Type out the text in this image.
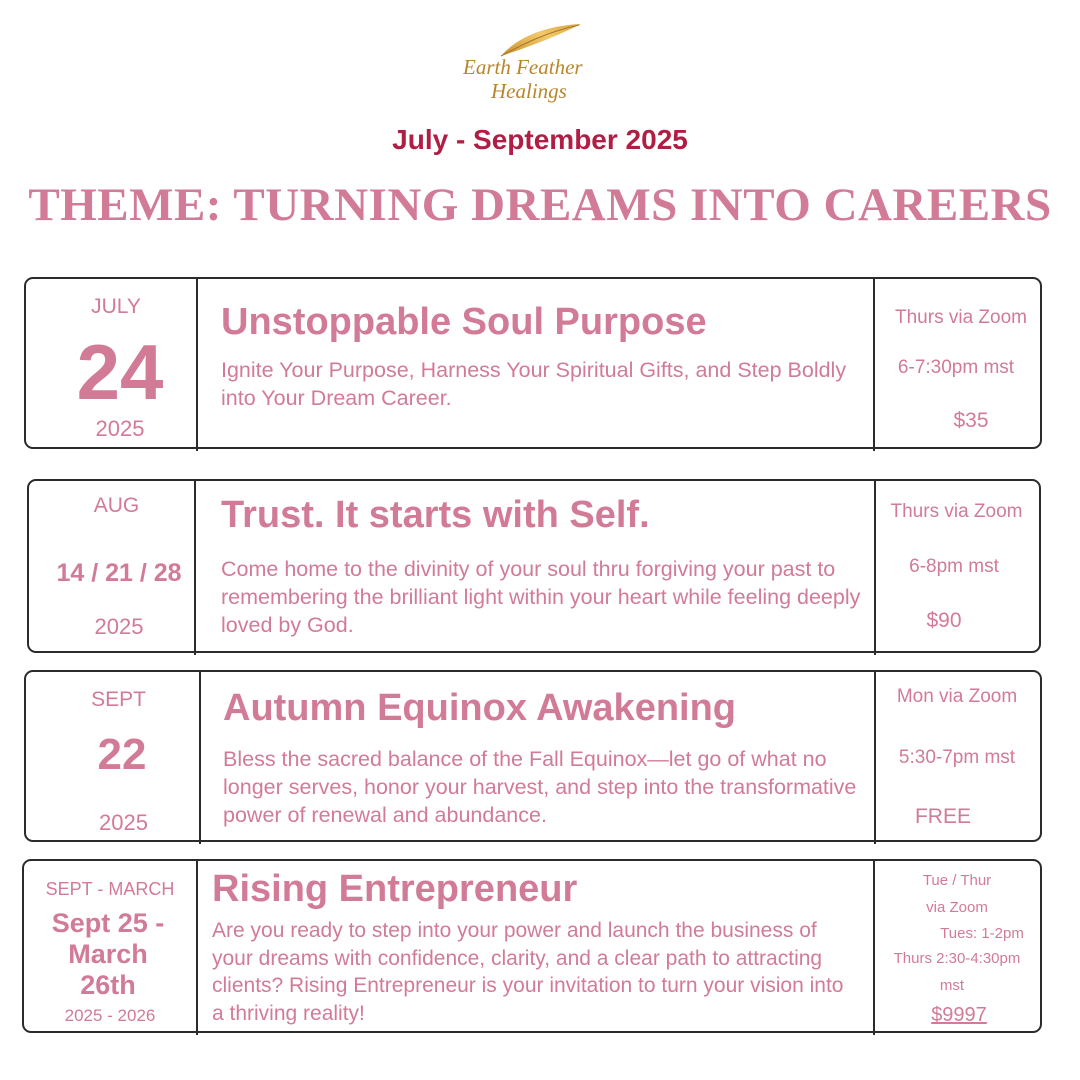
Earth Feather
Healings
July - September 2025
THEME: TURNING DREAMS INTO CAREERS
JULY
24
2025
Unstoppable Soul Purpose
Ignite Your Purpose, Harness Your Spiritual Gifts, and Step Boldly into Your Dream Career.
Thurs via Zoom
6-7:30pm mst
$35
AUG
14 / 21 / 28
2025
Trust. It starts with Self.
Come home to the divinity of your soul thru forgiving your past to remembering the brilliant light within your heart while feeling deeply loved by God.
Thurs via Zoom
6-8pm mst
$90
SEPT
22
2025
Autumn Equinox Awakening
Bless the sacred balance of the Fall Equinox—let go of what no longer serves, honor your harvest, and step into the transformative power of renewal and abundance.
Mon via Zoom
5:30-7pm mst
FREE
SEPT - MARCH
Sept 25 -
March
26th
2025 - 2026
Rising Entrepreneur
Are you ready to step into your power and launch the business of your dreams with confidence, clarity, and a clear path to attracting clients? Rising Entrepreneur is your invitation to turn your vision into a thriving reality!
Tue / Thur
via Zoom
Tues: 1-2pm
Thurs 2:30-4:30pm
mst
$9997
